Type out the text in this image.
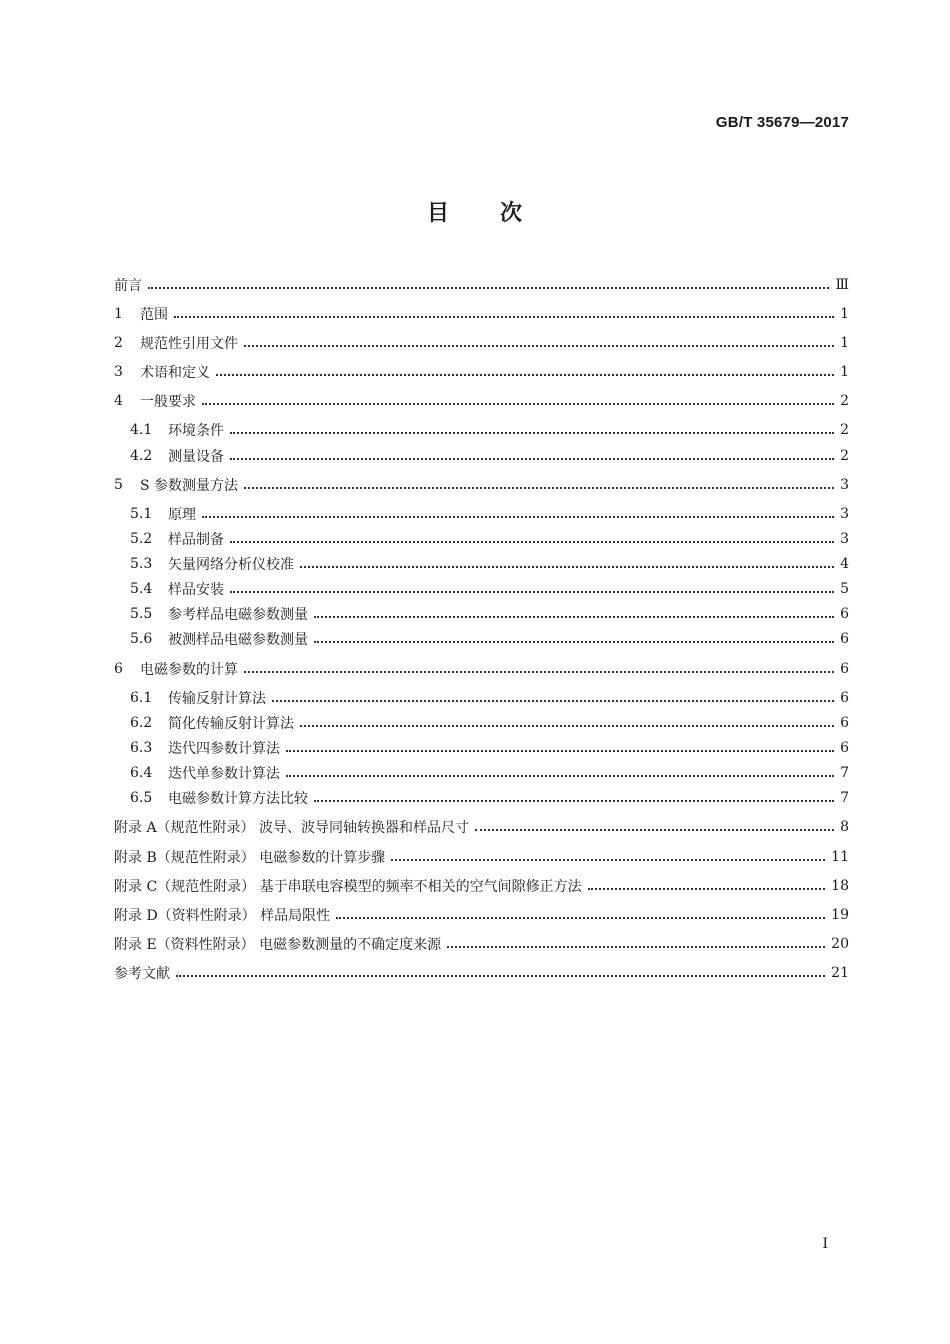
GB/T 35679—2017
目 次
前言	Ⅲ
1	范围	1
2	规范性引用文件	1
3	术语和定义	1
4	一般要求	2
4.1	环境条件	2
4.2	测量设备	2
5	S 参数测量方法	3
5.1	原理	3
5.2	样品制备	3
5.3	矢量网络分析仪校准	4
5.4	样品安装	5
5.5	参考样品电磁参数测量	6
5.6	被测样品电磁参数测量	6
6	电磁参数的计算	6
6.1	传输反射计算法	6
6.2	简化传输反射计算法	6
6.3	迭代四参数计算法	6
6.4	迭代单参数计算法	7
6.5	电磁参数计算方法比较	7
附录 A（规范性附录） 波导、波导同轴转换器和样品尺寸	8
附录 B（规范性附录） 电磁参数的计算步骤	11
附录 C（规范性附录） 基于串联电容模型的频率不相关的空气间隙修正方法	18
附录 D（资料性附录） 样品局限性	19
附录 E（资料性附录） 电磁参数测量的不确定度来源	20
参考文献	21
I
